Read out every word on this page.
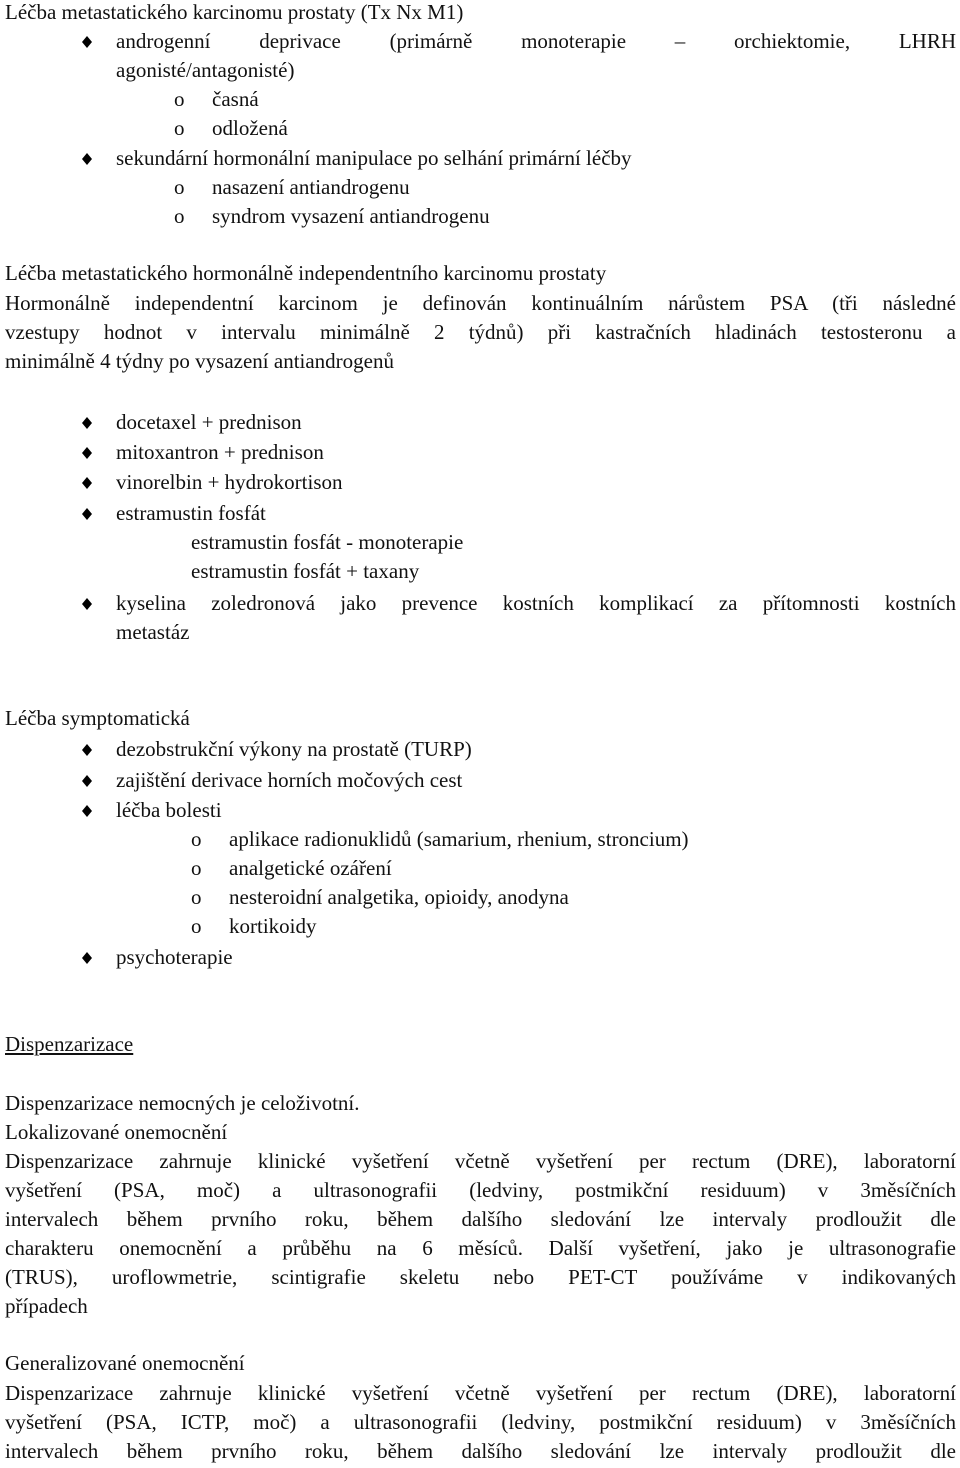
Léčba metastatického karcinomu prostaty (Tx Nx M1)
androgenní deprivace (primárně monoterapie – orchiektomie, LHRH
agonisté/antagonisté)
o časná
o odložená
sekundární hormonální manipulace po selhání primární léčby
o nasazení antiandrogenu
o syndrom vysazení antiandrogenu
Léčba metastatického hormonálně independentního karcinomu prostaty
Hormonálně independentní karcinom je definován kontinuálním nárůstem PSA (tři následné
vzestupy hodnot v intervalu minimálně 2 týdnů) při kastračních hladinách testosteronu a
minimálně 4 týdny po vysazení antiandrogenů
docetaxel + prednison
mitoxantron + prednison
vinorelbin + hydrokortison
estramustin fosfát
estramustin fosfát - monoterapie
estramustin fosfát + taxany
kyselina zoledronová jako prevence kostních komplikací za přítomnosti kostních
metastáz
Léčba symptomatická
dezobstrukční výkony na prostatě (TURP)
zajištění derivace horních močových cest
léčba bolesti
o aplikace radionuklidů (samarium, rhenium, stroncium)
o analgetické ozáření
o nesteroidní analgetika, opioidy, anodyna
o kortikoidy
psychoterapie
Dispenzarizace
Dispenzarizace nemocných je celoživotní.
Lokalizované onemocnění
Dispenzarizace zahrnuje klinické vyšetření včetně vyšetření per rectum (DRE), laboratorní
vyšetření (PSA, moč) a ultrasonografii (ledviny, postmikční residuum) v 3měsíčních
intervalech během prvního roku, během dalšího sledování lze intervaly prodloužit dle
charakteru onemocnění a průběhu na 6 měsíců. Další vyšetření, jako je ultrasonografie
(TRUS), uroflowmetrie, scintigrafie skeletu nebo PET-CT používáme v indikovaných
případech
Generalizované onemocnění
Dispenzarizace zahrnuje klinické vyšetření včetně vyšetření per rectum (DRE), laboratorní
vyšetření (PSA, ICTP, moč) a ultrasonografii (ledviny, postmikční residuum) v 3měsíčních
intervalech během prvního roku, během dalšího sledování lze intervaly prodloužit dle
